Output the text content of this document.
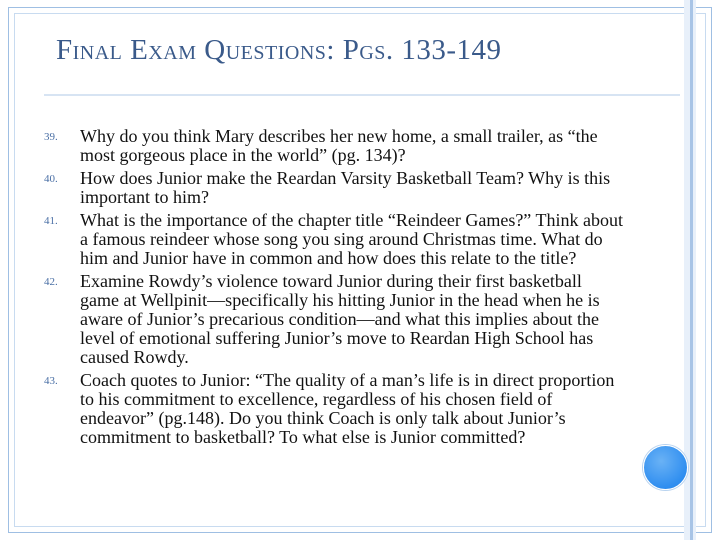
Final Exam Questions: Pgs. 133-149
39. Why do you think Mary describes her new home, a small trailer, as “the most gorgeous place in the world” (pg. 134)?
40. How does Junior make the Reardan Varsity Basketball Team? Why is this important to him?
41. What is the importance of the chapter title “Reindeer Games?” Think about a famous reindeer whose song you sing around Christmas time. What do him and Junior have in common and how does this relate to the title?
42. Examine Rowdy’s violence toward Junior during their first basketball game at Wellpinit—specifically his hitting Junior in the head when he is aware of Junior’s precarious condition—and what this implies about the level of emotional suffering Junior’s move to Reardan High School has caused Rowdy.
43. Coach quotes to Junior: “The quality of a man’s life is in direct proportion to his commitment to excellence, regardless of his chosen field of endeavor” (pg.148). Do you think Coach is only talk about Junior’s commitment to basketball? To what else is Junior committed?
